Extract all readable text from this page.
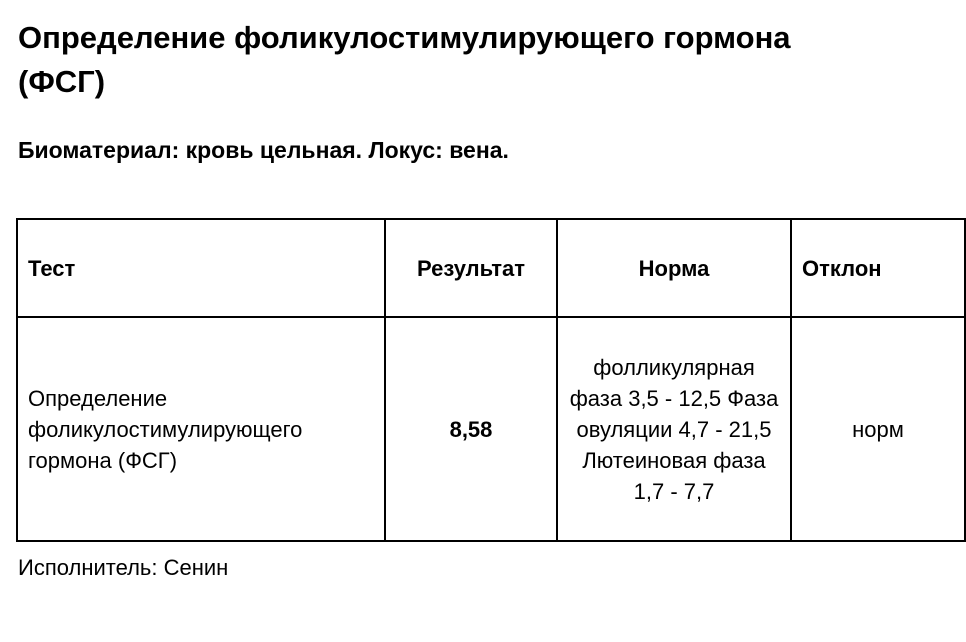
Определение фоликулостимулирующего гормона (ФСГ)

Биоматериал: кровь цельная. Локус: вена.

Тест	Результат	Норма	Отклон
Определение фоликулостимулирующего гормона (ФСГ)	8,58	фолликулярная фаза 3,5 - 12,5 Фаза овуляции 4,7 - 21,5 Лютеиновая фаза 1,7 - 7,7	норм

Исполнитель: Сенин
